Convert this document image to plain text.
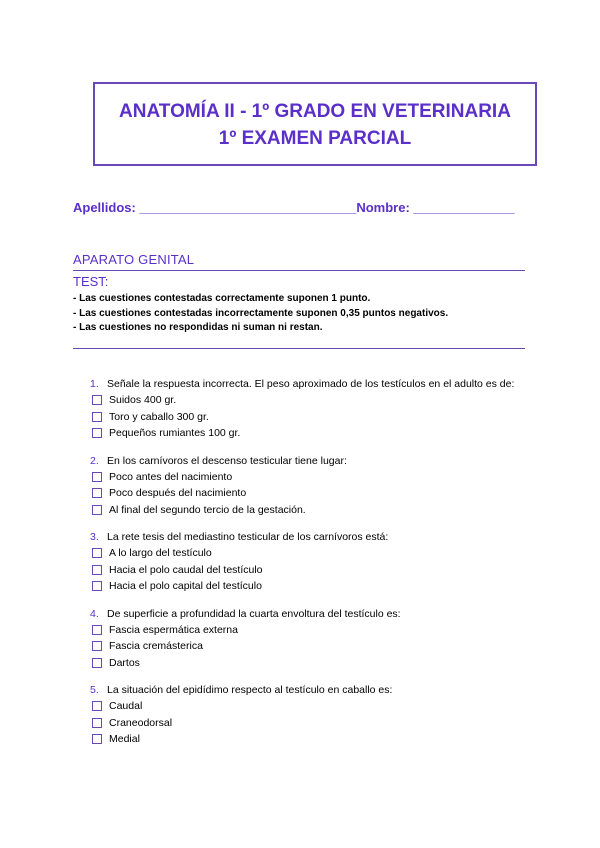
ANATOMÍA II - 1º GRADO EN VETERINARIA
1º EXAMEN PARCIAL
Apellidos: ______________________________Nombre: ______________
APARATO GENITAL
TEST:
- Las cuestiones contestadas correctamente suponen 1 punto.
- Las cuestiones contestadas incorrectamente suponen 0,35 puntos negativos.
- Las cuestiones no respondidas ni suman ni restan.
1. Señale la respuesta incorrecta. El peso aproximado de los testículos en el adulto es de:
Suidos 400 gr.
Toro y caballo 300 gr.
Pequeños rumiantes 100 gr.
2. En los carnívoros el descenso testicular tiene lugar:
Poco antes del nacimiento
Poco después del nacimiento
Al final del segundo tercio de la gestación.
3. La rete tesis del mediastino testicular de los carnívoros está:
A lo largo del testículo
Hacia el polo caudal del testículo
Hacia el polo capital del testículo
4. De superficie a profundidad la cuarta envoltura del testículo es:
Fascia espermática externa
Fascia cremásterica
Dartos
5. La situación del epidídimo respecto al testículo en caballo es:
Caudal
Craneodorsal
Medial
